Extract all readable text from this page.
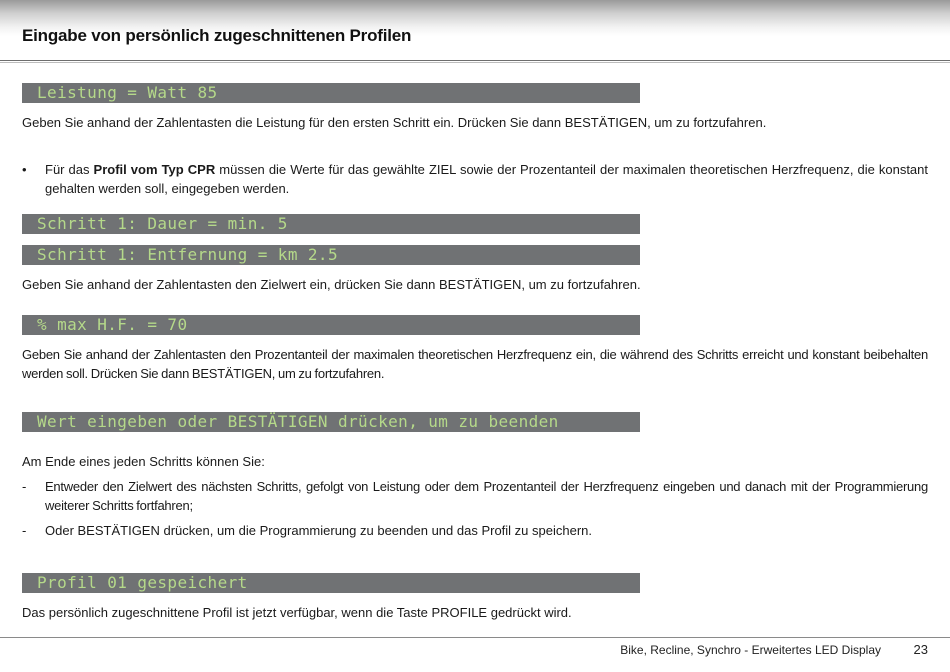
Eingabe von persönlich zugeschnittenen Profilen
Leistung = Watt 85

Geben Sie anhand der Zahlentasten die Leistung für den ersten Schritt ein. Drücken Sie dann BESTÄTIGEN, um zu fortzufahren.

• Für das Profil vom Typ CPR müssen die Werte für das gewählte ZIEL sowie der Prozentanteil der maximalen theoretischen Herzfrequenz, die konstant gehalten werden soll, eingegeben werden.

Schritt 1: Dauer = min. 5
Schritt 1: Entfernung = km 2.5

Geben Sie anhand der Zahlentasten den Zielwert ein, drücken Sie dann BESTÄTIGEN, um zu fortzufahren.

% max H.F. = 70

Geben Sie anhand der Zahlentasten den Prozentanteil der maximalen theoretischen Herzfrequenz ein, die während des Schritts erreicht und konstant beibehalten werden soll. Drücken Sie dann BESTÄTIGEN, um zu fortzufahren.

Wert eingeben oder BESTÄTIGEN drücken, um zu beenden

Am Ende eines jeden Schritts können Sie:

- Entweder den Zielwert des nächsten Schritts, gefolgt von Leistung oder dem Prozentanteil der Herzfrequenz eingeben und danach mit der Programmierung weiterer Schritts fortfahren;

- Oder BESTÄTIGEN drücken, um die Programmierung zu beenden und das Profil zu speichern.

Profil 01 gespeichert

Das persönlich zugeschnittene Profil ist jetzt verfügbar, wenn die Taste PROFILE gedrückt wird.

Bike, Recline, Synchro - Erweitertes LED Display	23
